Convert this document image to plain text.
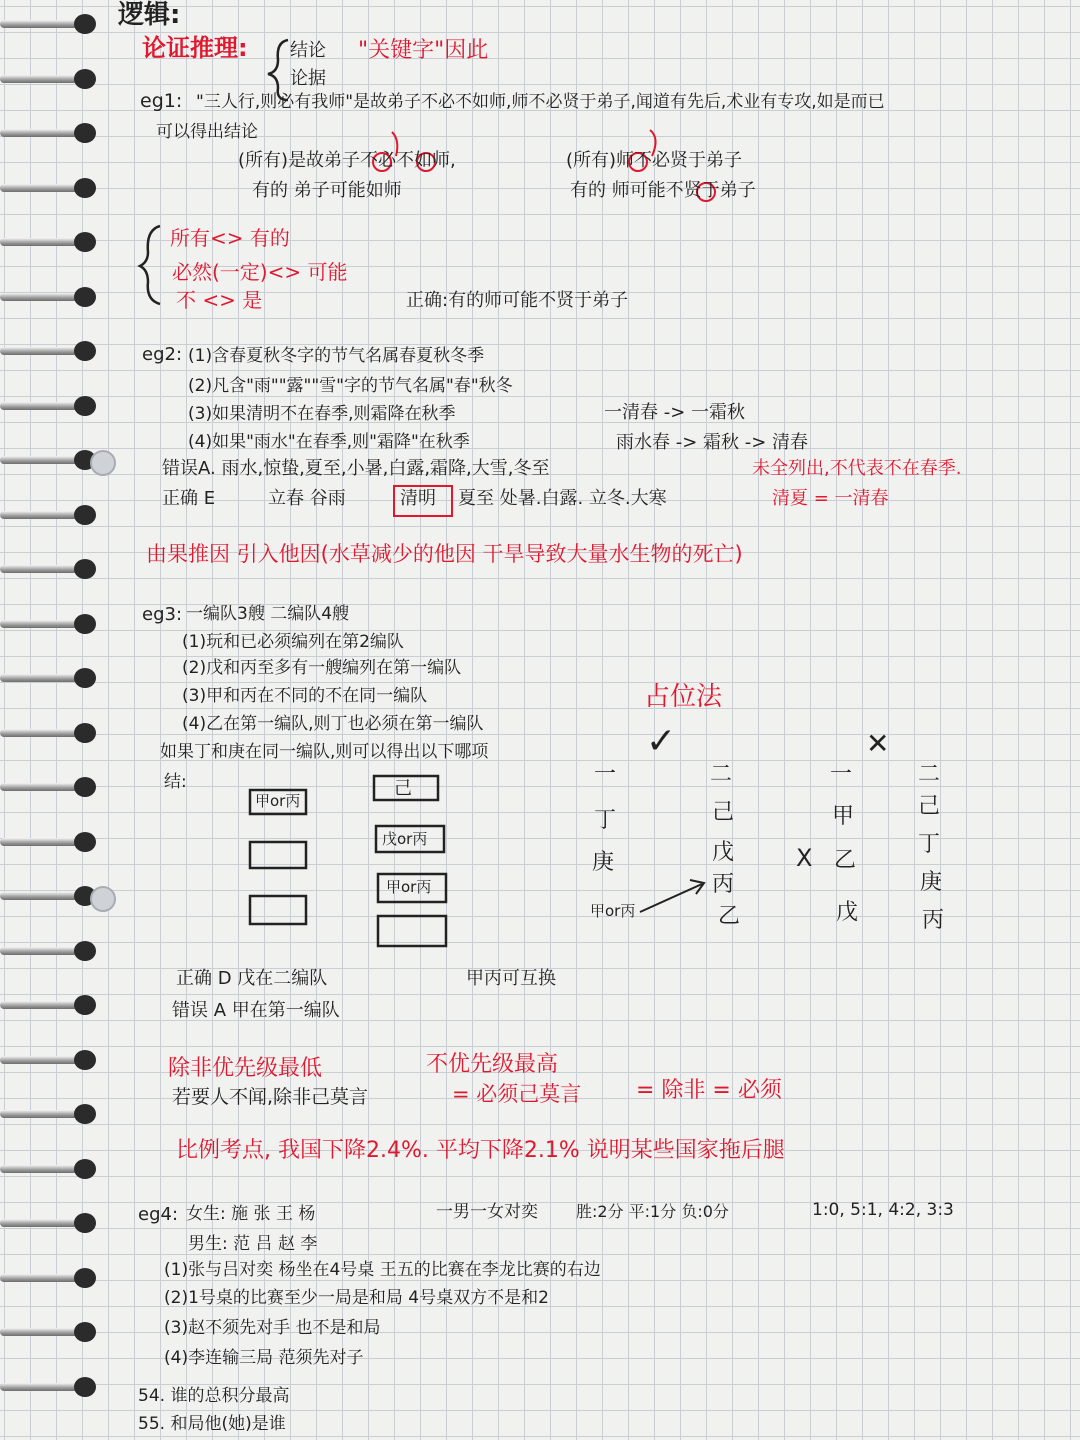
逻辑:
论证推理: 结论
论据
"关键字"因此
eg1: "三人行,则必有我师"是故弟子不必不如师,师不必贤于弟子,闻道有先后,术业有专攻,如是而已
可以得出结论
(所有)是故弟子不必不如师,
有的 弟子可能如师
(所有)师不必贤于弟子
有的 师可能不贤于弟子
所有<> 有的
必然(一定)<> 可能
不 <> 是	正确:有的师可能不贤于弟子
eg2: (1)含春夏秋冬字的节气名属春夏秋冬季
(2)凡含"雨""露""雪"字的节气名属"春"秋冬
(3)如果清明不在春季,则霜降在秋季
(4)如果"雨水"在春季,则"霜降"在秋季
一清春 -> 一霜秋
雨水春 -> 霜秋 -> 清春
错误A. 雨水,惊蛰,夏至,小暑,白露,霜降,大雪,冬至	未全列出,不代表不在春季.
正确 E	立春 谷雨	清明 夏至 处暑.白露. 立冬.大寒	清夏 = 一清春
由果推因 引入他因(水草减少的他因 干旱导致大量水生物的死亡)
eg3: 一编队3艘 二编队4艘
(1)玩和已必须编列在第2编队
(2)戊和丙至多有一艘编列在第一编队
(3)甲和丙在不同的不在同一编队
(4)乙在第一编队,则丁也必须在第一编队
如果丁和庚在同一编队,则可以得出以下哪项
结:
甲or丙
己
戊or丙
甲or丙
占位法
✓	✕
一
丁
庚
甲or丙
二
己
戊
丙
乙
X
一
甲
乙
戊
二
己
丁
庚
丙
正确 D 戊在二编队	甲丙可互换
错误 A 甲在第一编队
除非优先级最低	不优先级最高
若要人不闻,除非己莫言	= 必须己莫言 = 除非 = 必须
比例考点, 我国下降2.4%. 平均下降2.1% 说明某些国家拖后腿
eg4: 女生: 施 张 王 杨	一男一女对奕 胜:2分 平:1分 负:0分	1:0, 5:1, 4:2, 3:3
男生: 范 吕 赵 李
(1)张与吕对奕 杨坐在4号桌 王五的比赛在李龙比赛的右边
(2)1号桌的比赛至少一局是和局 4号桌双方不是和2
(3)赵不须先对手 也不是和局
(4)李连输三局 范须先对子
54. 谁的总积分最高
55. 和局他(她)是谁
